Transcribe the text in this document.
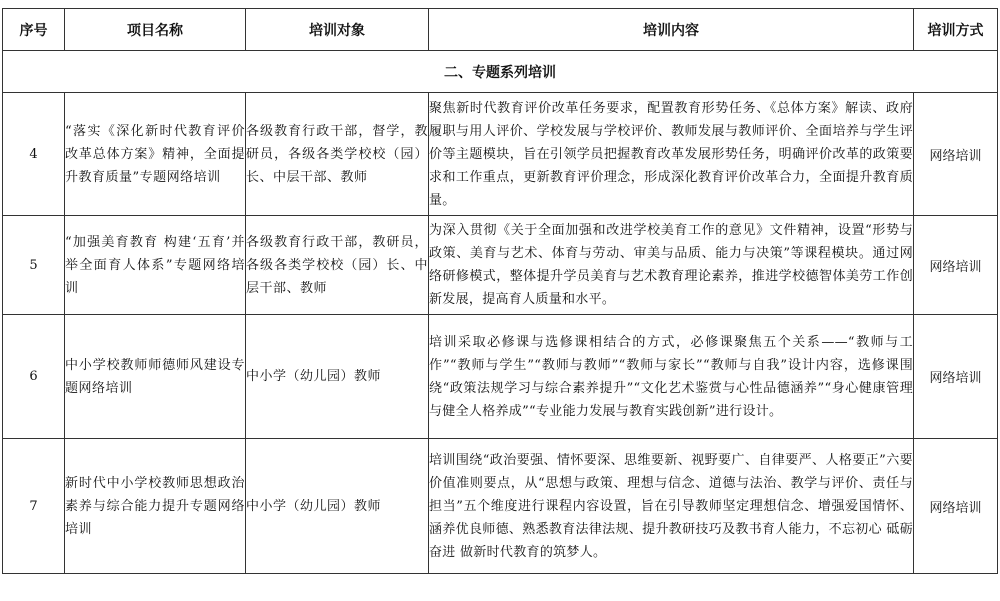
序号	项目名称	培训对象	培训内容	培训方式
二、专题系列培训				
4	“落实《深化新时代教育评价改革总体方案》精神，全面提升教育质量”专题网络培训	各级教育行政干部，督学，教研员，各级各类学校校（园）长、中层干部、教师	聚焦新时代教育评价改革任务要求，配置教育形势任务、《总体方案》解读、政府履职与用人评价、学校发展与学校评价、教师发展与教师评价、全面培养与学生评价等主题模块，旨在引领学员把握教育改革发展形势任务，明确评价改革的政策要求和工作重点，更新教育评价理念，形成深化教育评价改革合力，全面提升教育质量。	网络培训
5	“加强美育教育 构建‘五育’并举全面育人体系”专题网络培训	各级教育行政干部，教研员，各级各类学校校（园）长、中层干部、教师	为深入贯彻《关于全面加强和改进学校美育工作的意见》文件精神，设置“形势与政策、美育与艺术、体育与劳动、审美与品质、能力与决策”等课程模块。通过网络研修模式，整体提升学员美育与艺术教育理论素养，推进学校德智体美劳工作创新发展，提高育人质量和水平。	网络培训
6	中小学校教师师德师风建设专题网络培训	中小学（幼儿园）教师	培训采取必修课与选修课相结合的方式，必修课聚焦五个关系——“教师与工作”“教师与学生”“教师与教师”“教师与家长”“教师与自我”设计内容，选修课围绕“政策法规学习与综合素养提升”“文化艺术鉴赏与心性品德涵养”“身心健康管理与健全人格养成”“专业能力发展与教育实践创新”进行设计。	网络培训
7	新时代中小学校教师思想政治素养与综合能力提升专题网络培训	中小学（幼儿园）教师	培训围绕“政治要强、情怀要深、思维要新、视野要广、自律要严、人格要正”六要价值准则要点，从“思想与政策、理想与信念、道德与法治、教学与评价、责任与担当”五个维度进行课程内容设置，旨在引导教师坚定理想信念、增强爱国情怀、涵养优良师德、熟悉教育法律法规、提升教研技巧及教书育人能力，不忘初心 砥砺奋进 做新时代教育的筑梦人。	网络培训
